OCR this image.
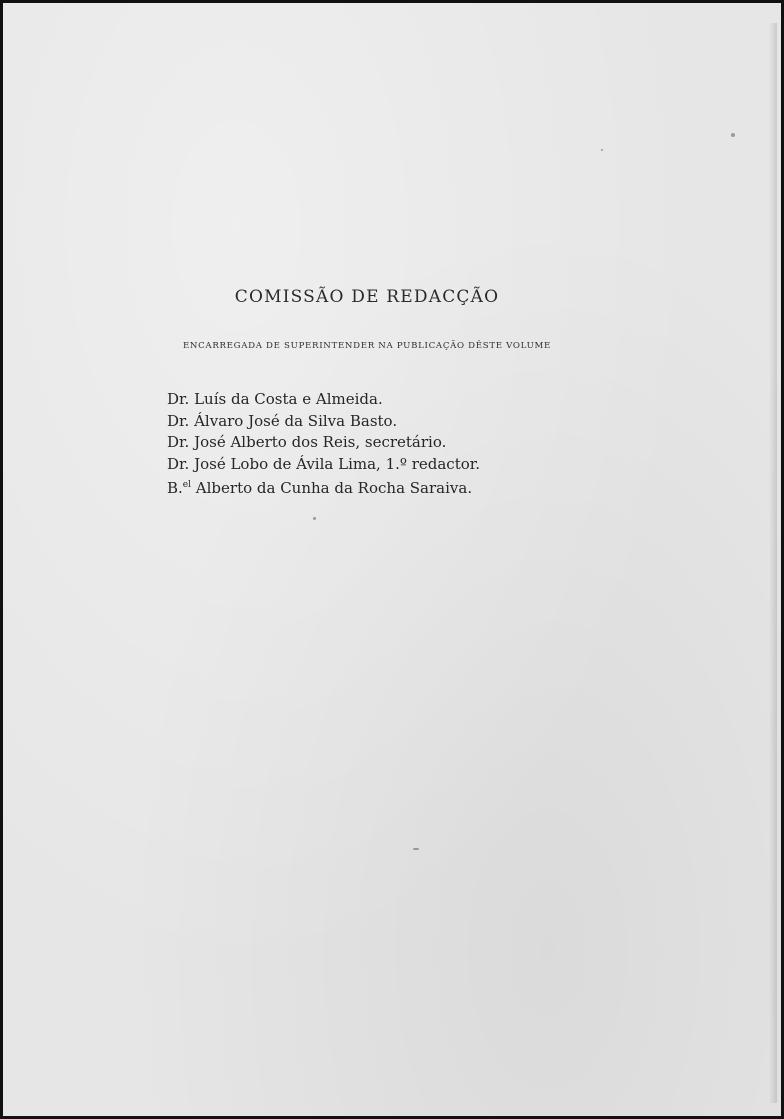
COMISSÃO DE REDACÇÃO
ENCARREGADA DE SUPERINTENDER NA PUBLICAÇÃO DÊSTE VOLUME
Dr. Luís da Costa e Almeida.
Dr. Álvaro José da Silva Basto.
Dr. José Alberto dos Reis, secretário.
Dr. José Lobo de Ávila Lima, 1.º redactor.
B.$^{el}$ Alberto da Cunha da Rocha Saraiva.
